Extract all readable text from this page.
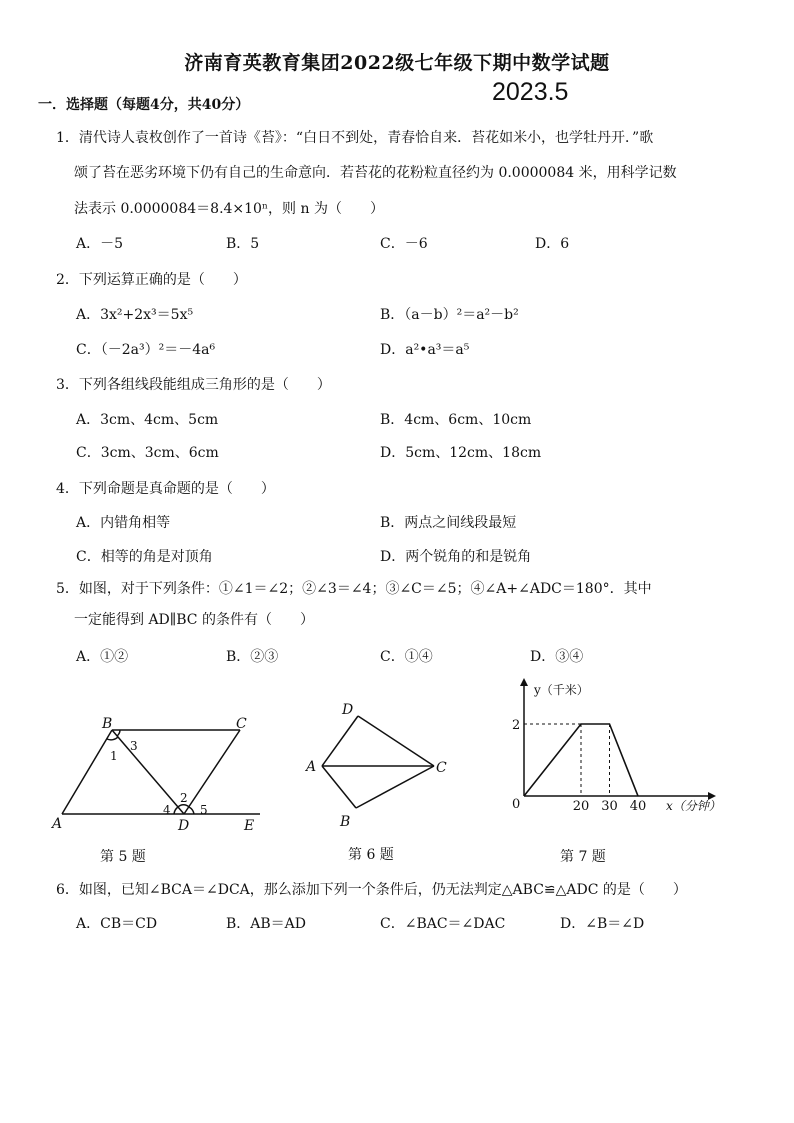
济南育英教育集团2022级七年级下期中数学试题
2023.5
一．选择题（每题4分，共40分）
1．清代诗人袁枚创作了一首诗《苔》：“白日不到处，青春恰自来．苔花如米小，也学牡丹开．”歌
颂了苔在恶劣环境下仍有自己的生命意向．若苔花的花粉粒直径约为 0.0000084 米，用科学记数
法表示 0.0000084＝8.4×10ⁿ，则 n 为（　　）
A．－5	B．5	C．－6	D．6
2．下列运算正确的是（　　）
A．3x²+2x³＝5x⁵	B．（a－b）²＝a²－b²
C．（－2a³）²＝－4a⁶	D．a²•a³＝a⁵
3．下列各组线段能组成三角形的是（　　）
A．3cm、4cm、5cm	B．4cm、6cm、10cm
C．3cm、3cm、6cm	D．5cm、12cm、18cm
4．下列命题是真命题的是（　　）
A．内错角相等	B．两点之间线段最短
C．相等的角是对顶角	D．两个锐角的和是锐角
5．如图，对于下列条件：①∠1＝∠2；②∠3＝∠4；③∠C＝∠5；④∠A+∠ADC＝180°．其中
一定能得到 AD∥BC 的条件有（　　）
A．①②	B．②③	C．①④	D．③④
B	C
A	D	E
1
2
3
4 5
第 5 题
D
A	C
B
第 6 题
y（千米）
x（分钟）
0
2
20 30 40
第 7 题
6．如图，已知∠BCA＝∠DCA，那么添加下列一个条件后，仍无法判定△ABC≌△ADC 的是（　　）
A．CB＝CD	B．AB＝AD	C．∠BAC＝∠DAC	D．∠B＝∠D
